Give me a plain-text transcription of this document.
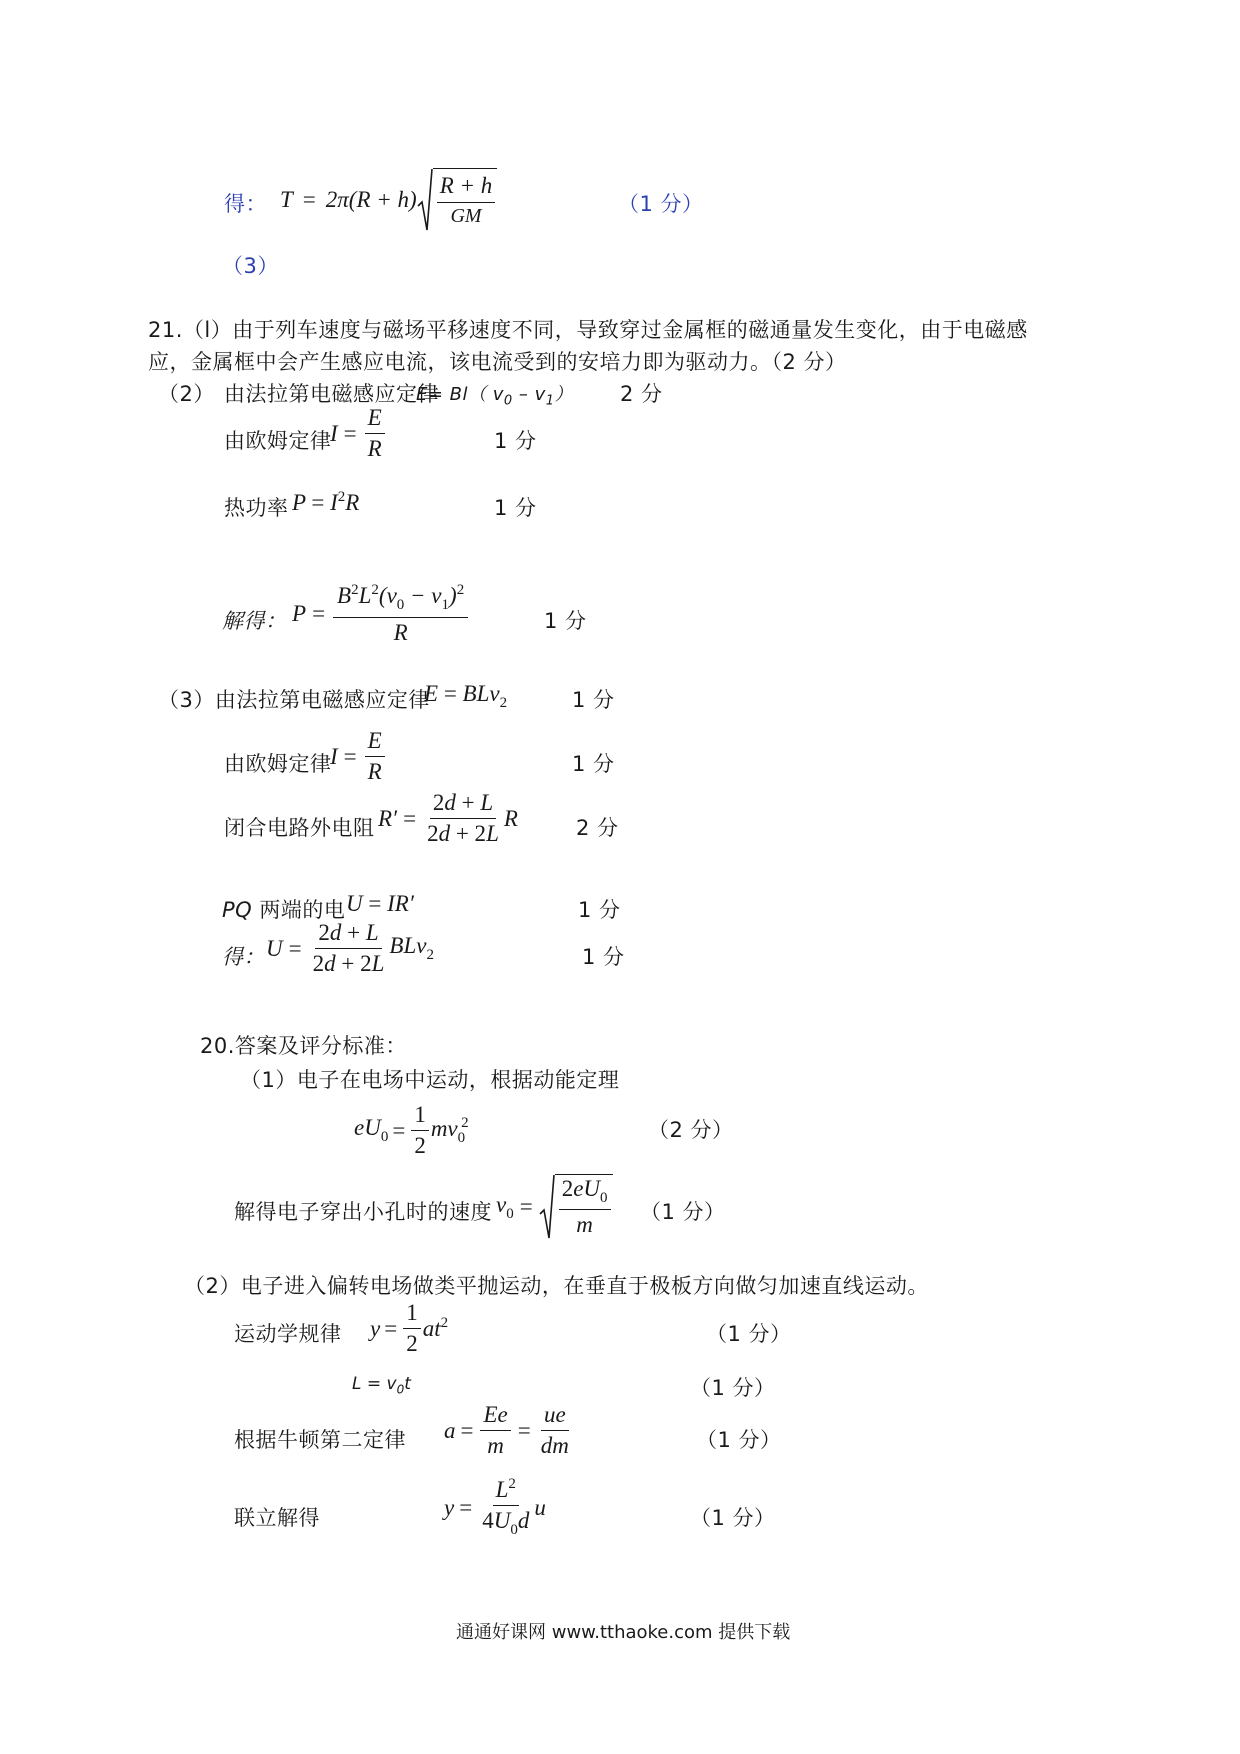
得： $T = 2\pi(R + h) \frac{R + h}{GM}$	（1 分）
（3）
21.（l）由于列车速度与磁场平移速度不同，导致穿过金属框的磁通量发生变化，由于电磁感
应，金属框中会产生感应电流，该电流受到的安培力即为驱动力。（2 分）
（2） 由法拉第电磁感应定律
E= Bl（ $v_0 - v_1$） 2 分
由欧姆定律
$I = \frac{E}{R}$	1 分
热功率 $P = I^2R$	1 分
解得： $P = \frac{B^2L^2(v_0 - v_1)^2}{R}$	1 分
（3）由法拉第电磁感应定律
E = BLv$_2$	1 分
由欧姆定律
$I = \frac{E}{R}$	1 分
闭合电路外电阻 $R' = \frac{2d + L}{2d + 2L}$ R	2 分
PQ 两端的电 U = IR′	1 分
得： $U = \frac{2d + L}{2d + 2L} BLv_2$	1 分
20.答案及评分标准：
（1）电子在电场中运动，根据动能定理
$eU_0 = \frac{1}{2} mv_0^2$	（2 分）
解得电子穿出小孔时的速度 $v_0 = \frac{2eU_0}{m} (1$ 分）
（2）电子进入偏转电场做类平抛运动，在垂直于极板方向做匀加速直线运动。
运动学规律 $y = \frac{1}{2} at^2$	（1 分）
$L = v_0t$	（1 分）
根据牛顿第二定律 $a = \frac{Ee}{m} = \frac{ue}{dm}$	（1 分）
联立解得	$y = \frac{L^2}{4U_0d}$ u	（1 分）
通通好课网 www.tthaoke.com 提供下载
